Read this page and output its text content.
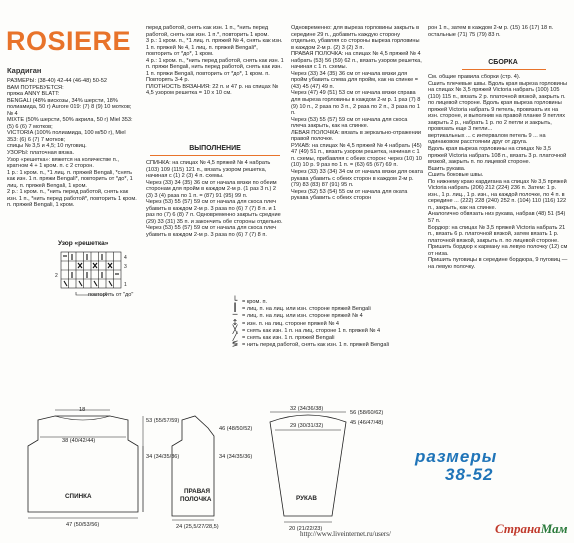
ROSIERE
Кардиган
РАЗМЕРЫ: (38-40) 42-44 (46-48) 50-52
ВАМ ПОТРЕБУЕТСЯ:
пряжа ANNY BLATT:
BENGALI (48% вискозы, 34% шерсти, 18% полиамида, 50 г) Aurore 019: (7) 8 (9) 10 мотков; № 4
MIXTE (50% шерсти, 50% акрила, 50 г) Miel 353: (5) 6 (6) 7 мотков;
VICTORIA (100% полиамида, 100 м/50 г), Miel 353: (6) 6 (7) 7 мотков;
спицы № 3,5 и 4,5; 10 пуговиц.
УЗОРЫ: платочная вязка.
Узор «решетка»: вяжется на количестве п., кратном 4 + 1 кром. п. с 2 сторон.
1 р.: 1 кром. п., *1 лиц. п. пряжей Bengali, *снять как изн. 1 п. пряжи Bengali*, повторить от *до*, 1 лиц. п. пряжей Bengali, 1 кром.
2 р.: 1 кром. п., *нить перед работой, снять как изн. 1 п., *нить перед работой*, повторить 1 кром. п. пряжей Bengali, 1 кром.
перед работой, снять как изн. 1 п., *нить перед работой, снять как изн. 1 п.*, повторить 1 кром.
3 р.: 1 кром. п., *1 лиц. п. пряжей № 4, снять как изн. 1 п. пряжей № 4, 1 лиц. п. пряжей Bengali*, повторить от *до*, 1 кром.
4 р.: 1 кром. п., *нить перед работой, снять как изн. 1 п. пряжи Bengali, нить перед работой, снять как изн. 1 п. пряжи Bengali, повторить от *до*, 1 кром. п.
Повторять 3-4 р.
ПЛОТНОСТЬ ВЯЗАНИЯ: 22 п. и 47 р. на спицах № 4,5 узором решетка = 10 x 10 см.
ВЫПОЛНЕНИЕ
СПИНКА: на спицах № 4,5 пряжей № 4 набрать (103) 109 (115) 121 п., вязать узором решетка, начиная с (1) 2 (3) 4 п. схемы.
Через (33) 34 (35) 36 см от начала вязки по обеим сторонам для пройм в каждом 2-м р. (1 раз 3 п.) 2 (3) 3 (4) раза по 1 п. = (87) 91 (95) 99 п.
Через (53) 55 (57) 59 см от начала для скоса плеч убавить в каждом 2-м р. 3 раза по (6) 7 (7) 8 п. и 1 раз по (7) 6 (8) 7 п. Одновременно закрыть средние (29) 33 (31) 35 п. и закончить обе стороны отдельно.
Через (53) 55 (57) 59 см от начала для скоса плеч убавить в каждом 2-м р. 3 раза по (6) 7 (7) 8 п.
Одновременно: для выреза горловины закрыть в середине 29 п., добавить каждую сторону отдельно, убавляя со стороны выреза горловины в каждом 2-м р. (2) 3 (2) 3 п.
ПРАВАЯ ПОЛОЧКА: на спицах № 4,5 пряжей № 4 набрать (53) 56 (59) 62 п., вязать узором решетка, начиная с 1 п. схемы.
Через (33) 34 (35) 36 см от начала вязки для пройм убавить слева для пройм, как на спинке = (43) 45 (47) 49 п.
Через (47) 49 (51) 53 см от начала вязки справа для выреза горловины в каждом 2-м р. 1 раз (7) 8 (9) 10 п., 2 раза по 3 п., 2 раза по 2 п., 3 раза по 1 п.
Через (53) 55 (57) 59 см от начала для скоса плеча закрыть, как на спинке.
ЛЕВАЯ ПОЛОЧКА: вязать в зеркально-отражении правой полочке.
РУКАВ: на спицах № 4,5 пряжей № 4 набрать (45) 47 (49) 51 п., вязать узором решетка, начиная с 1 п. схемы, прибавляя с обеих сторон: через (10) 10 (10) 10 р. 9 раз по 1 п. = (63) 65 (67) 69 п.
Через (33) 33 (34) 34 см от начала вязки для оката рукава убавить с обеих сторон в каждом 2-м р. (79) 83 (83) 87 (91) 95 п.
Через (52) 53 (54) 55 см от начала для оката рукава убавить с обеих сторон
рон 1 п., затем в каждом 2-м р. (15) 16 (17) 18 п. остальные (71) 75 (79) 83 п.
СБОРКА
См. общие правила сборки (стр. 4).
Сшить плечевые швы. Вдоль края выреза горловины на спицах № 3,5 пряжей Victoria набрать (100) 105 (110) 115 п., вязать 2 р. платочной вязкой, закрыть п. по лицевой стороне. Вдоль края выреза горловины пряжей Victoria набрать 9 петель, провязать их на изн. стороне, и выполнив на правой планке 9 петлях закрыть 2 р., набрать 1 р. по 2 петли и закрыть, провязать еще 3 петли...
вертикальных ... с интервалом петель 9 ... на одинаковом расстоянии друг от друга.
Вдоль края выреза горловины на спицах № 3,5 пряжей Victoria набрать 108 п., вязать 3 р. платочной вязкой, закрыть п. по лицевой стороне.
Вшить рукава.
Сшить боковые швы.
По нижнему краю кардигана на спицах № 3,5 пряжей Victoria набрать (206) 212 (224) 236 п. Затем: 1 р. изн., 1 р. лиц., 1 р. изн., на каждой полочке, по 4 п. в середине ... (222) 228 (240) 252 п. (104) 110 (116) 122 п., закрыть, как на спинке.
Аналогично обвязать низ рукава, набрав (48) 51 (54) 57 п.
Бордюр: на спицах № 3,5 пряжей Victoria набрать 21 п., вязать 6 р. платочной вязкой, затем вязать 1 р. платочной вязкой, закрыть п. по лицевой стороне.
Пришить бордюр к карману на левую полочку (12) см от низа.
Пришить пуговицы в середине бордюра, 9 пуговиц — на левую полочку.
Узор «решетка»
4
3
2
1
повторить от "до"
└ = кром. п.
┃ = лиц. п. на лиц. или изн. стороне пряжей Bengali
─ = лиц. п. на лиц. или изн. стороне пряжей № 4
↕ = изн. п. на лиц. стороне пряжей № 4
╳ = снять как изн. 1 п. на лиц. стороне 1 п. пряжей № 4
╱ = снять как изн. 1 п. пряжей Bengali
≶ = нить перед работой, снять как изн. 1 п. пряжей Bengali
18
38 (40/42/44)
53 (55/57/59)
34 (34/35/36)
47 (50/53/56)
СПИНКА
46 (48/50/52)
34 (34/35/36)
ПРАВАЯ
ПОЛОЧКА
24 (25,5/27/28,5)
32 (34/36/38)
29 (30/31/32)
56 (58/60/62)
45 (46/47/48)
РУКАВ
20 (21/22/23)
размеры
38-52
http://www.liveinternet.ru/users/	СтранаМам
